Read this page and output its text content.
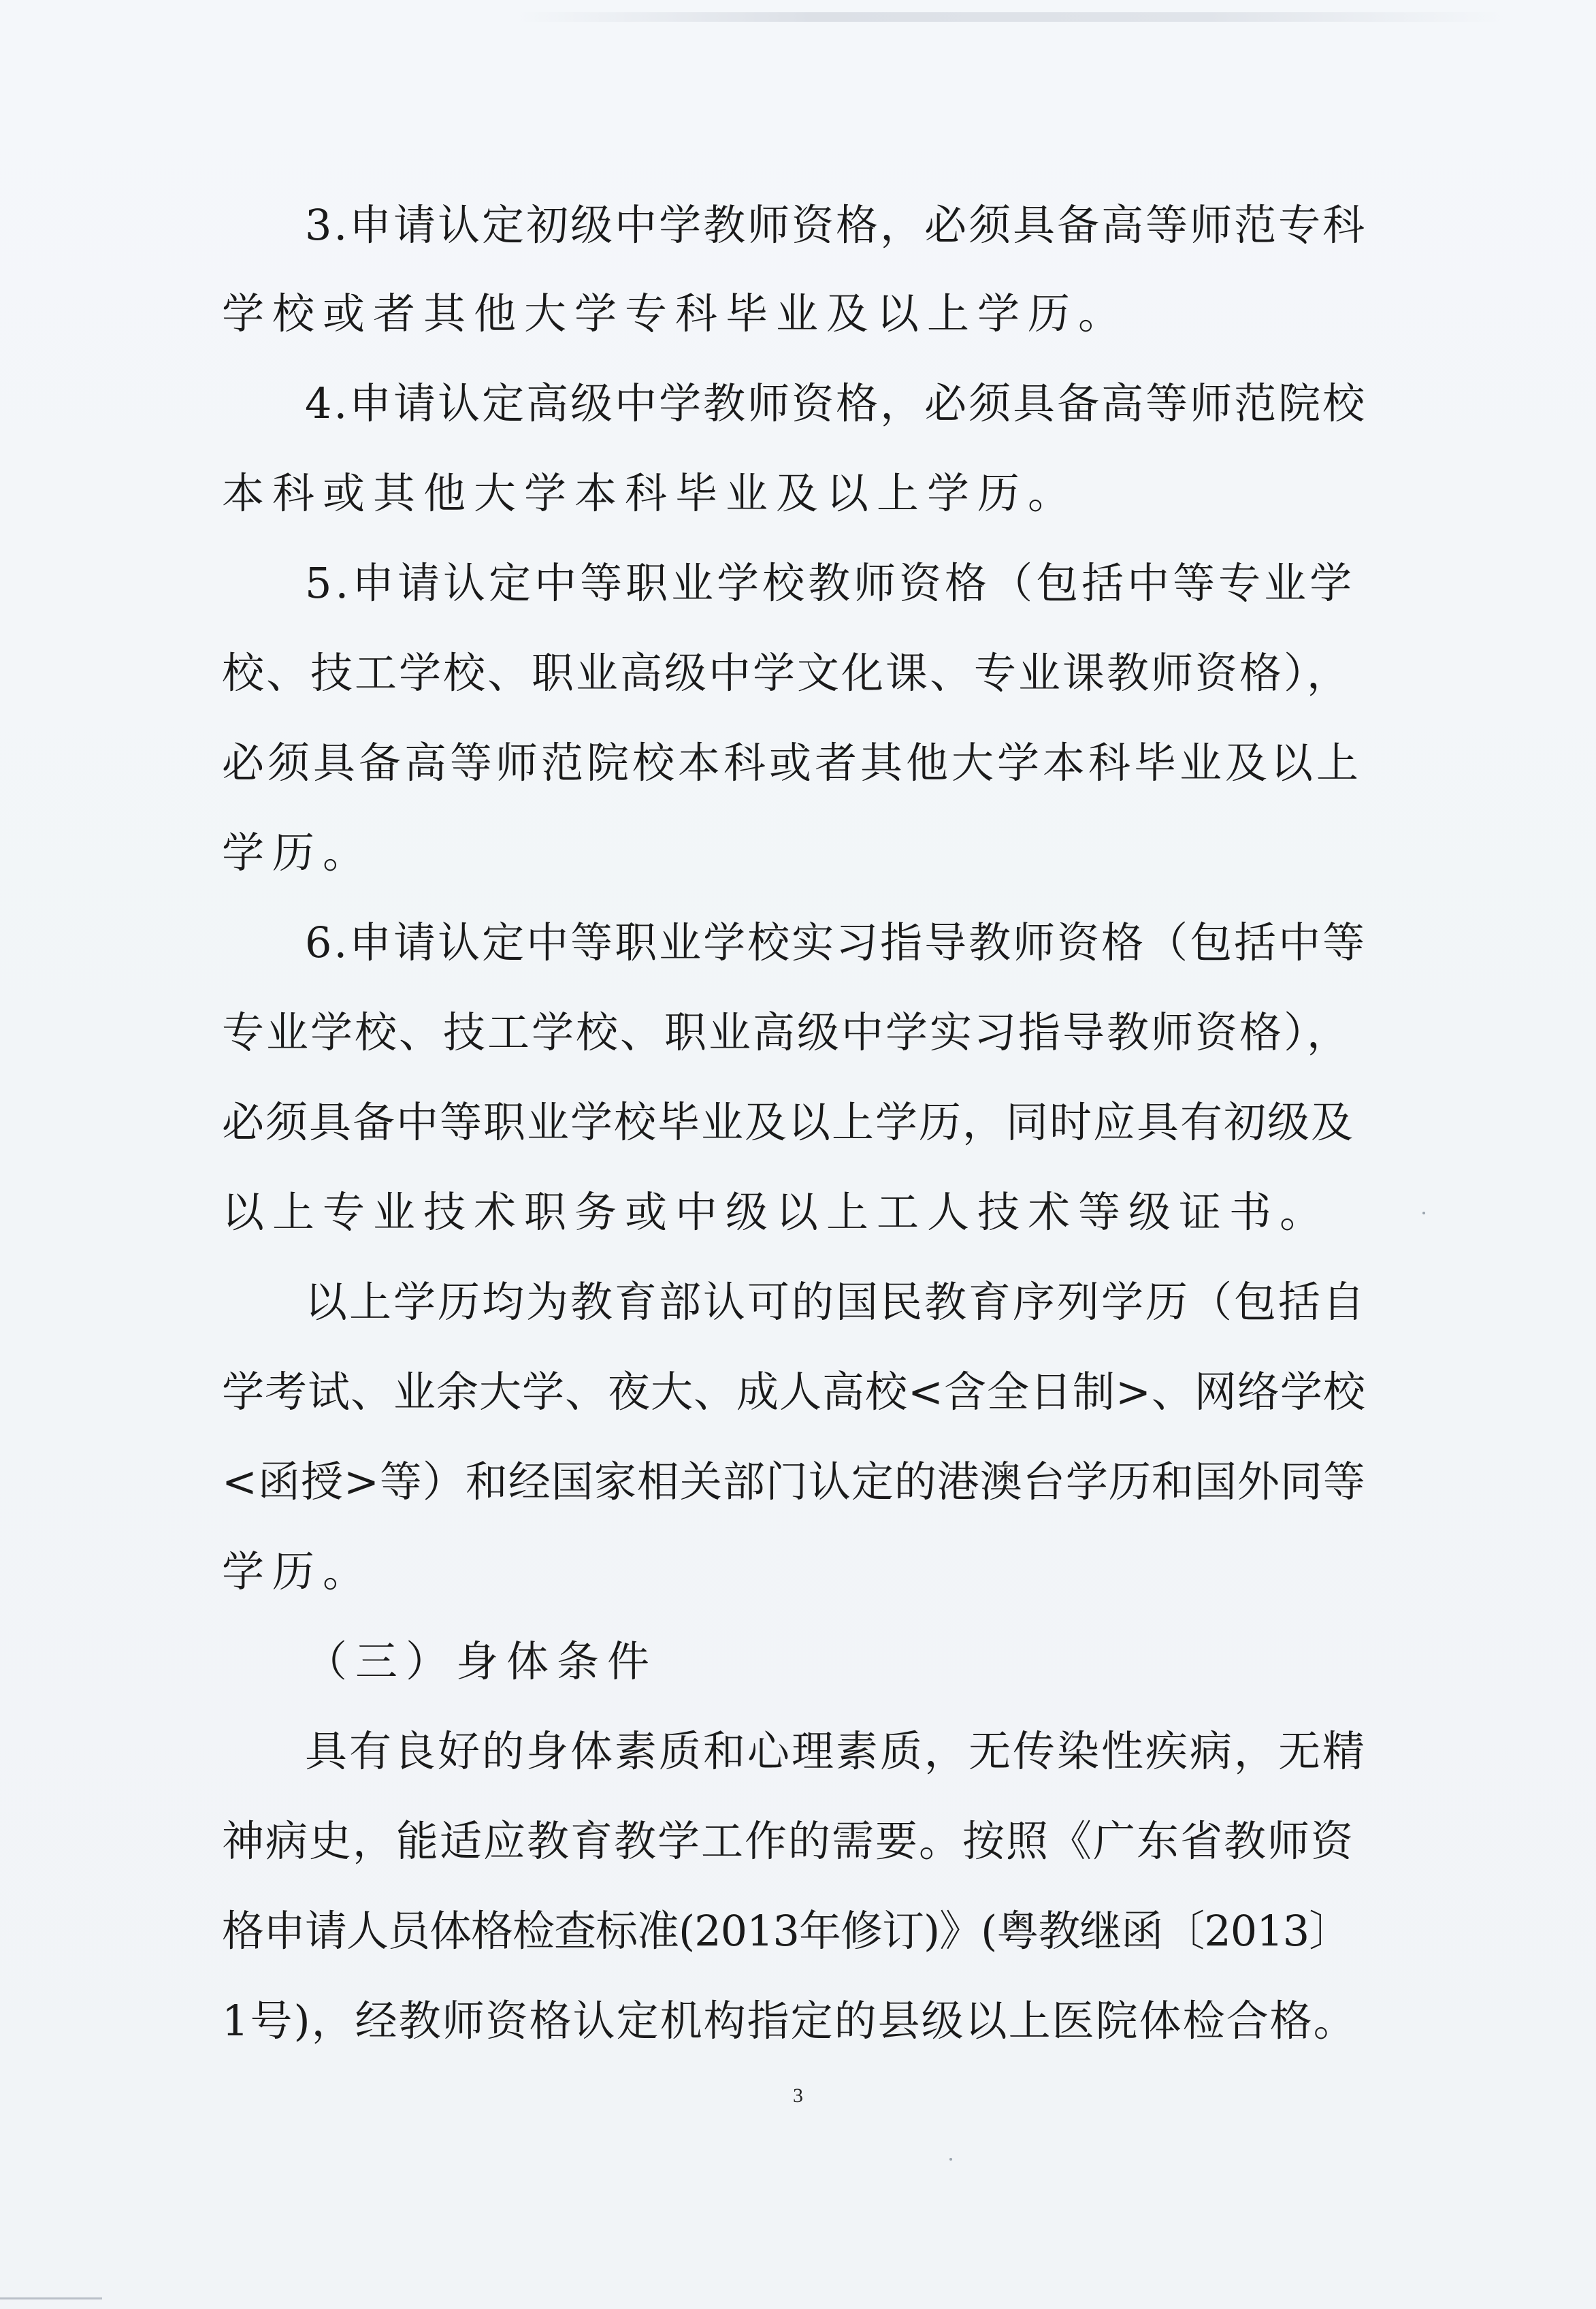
3.申请认定初级中学教师资格，必须具备高等师范专科
学校或者其他大学专科毕业及以上学历。
4.申请认定高级中学教师资格，必须具备高等师范院校
本科或其他大学本科毕业及以上学历。
5.申请认定中等职业学校教师资格（包括中等专业学
校、技工学校、职业高级中学文化课、专业课教师资格），
必须具备高等师范院校本科或者其他大学本科毕业及以上
学历。
6.申请认定中等职业学校实习指导教师资格（包括中等
专业学校、技工学校、职业高级中学实习指导教师资格），
必须具备中等职业学校毕业及以上学历，同时应具有初级及
以上专业技术职务或中级以上工人技术等级证书。
以上学历均为教育部认可的国民教育序列学历（包括自
学考试、业余大学、夜大、成人高校<含全日制>、网络学校
<函授>等）和经国家相关部门认定的港澳台学历和国外同等
学历。
（三）身体条件
具有良好的身体素质和心理素质，无传染性疾病，无精
神病史，能适应教育教学工作的需要。按照《广东省教师资
格申请人员体格检查标准(2013年修订)》(粤教继函〔2013〕
1号)，经教师资格认定机构指定的县级以上医院体检合格。
3
